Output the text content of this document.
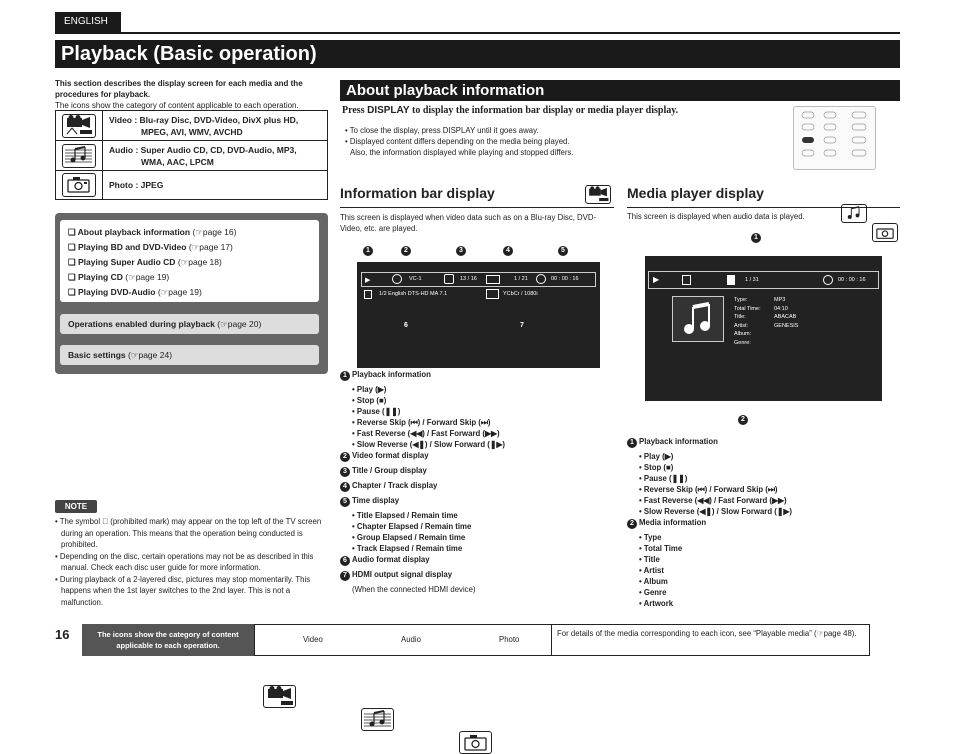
ENGLISH
Playback (Basic operation)
This section describes the display screen for each media and the procedures for playback.
The icons show the category of content applicable to each operation.
Video : Blu-ray Disc, DVD-Video, DivX plus HD,
MPEG, AVI, WMV, AVCHD
Audio : Super Audio CD, CD, DVD-Audio, MP3,
WMA, AAC, LPCM
Photo : JPEG
❏ About playback information (☞page 16)
❏ Playing BD and DVD-Video (☞page 17)
❏ Playing Super Audio CD (☞page 18)
❏ Playing CD (☞page 19)
❏ Playing DVD-Audio (☞page 19)
Operations enabled during playback (☞page 20)
Basic settings (☞page 24)
NOTE
• The symbol ⃠ (prohibited mark) may appear on the top left of the TV screen during an operation. This means that the operation being conducted is prohibited.
• Depending on the disc, certain operations may not be as described in this manual. Check each disc user guide for more information.
• During playback of a 2-layered disc, pictures may stop momentarily. This happens when the 1st layer switches to the 2nd layer. This is not a malfunction.
About playback information
Press DISPLAY to display the information bar display or media player display.
• To close the display, press DISPLAY until it goes away.
• Displayed content differs depending on the media being played.
Also, the information displayed while playing and stopped differs.
Information bar display
This screen is displayed when video data such as on a Blu-ray Disc, DVD-Video, etc. are played.
1	2	3	4	5
▶	VC-1	13 / 16	1 / 21	00 : 00 : 16
1/2 English DTS-HD MA 7.1	YCbCr / 1080i
6	7
1 Playback information
• Play (▶)
• Stop (■)
• Pause (❚❚)
• Reverse Skip (⏮) / Forward Skip (⏭)
• Fast Reverse (◀◀) / Fast Forward (▶▶)
• Slow Reverse (◀❚) / Slow Forward (❚▶)
2 Video format display
3 Title / Group display
4 Chapter / Track display
5 Time display
• Title Elapsed / Remain time
• Chapter Elapsed / Remain time
• Group Elapsed / Remain time
• Track Elapsed / Remain time
6 Audio format display
7 HDMI output signal display
(When the connected HDMI device)
Media player display
This screen is displayed when audio data is played.
1
▶	1 / 31	00 : 00 : 16
Type:	MP3
Total Time:	04:10
Title:	ABACAB
Artist:	GENESIS
Album:
Genre:
2
1 Playback information
• Play (▶)
• Stop (■)
• Pause (❚❚)
• Reverse Skip (⏮) / Forward Skip (⏭)
• Fast Reverse (◀◀) / Fast Forward (▶▶)
• Slow Reverse (◀❚) / Slow Forward (❚▶)
2 Media information
• Type
• Total Time
• Title
• Artist
• Album
• Genre
• Artwork
16	The icons show the category of content applicable to each operation.
Video	Audio	Photo
For details of the media corresponding to each icon, see “Playable media” (☞page 48).
